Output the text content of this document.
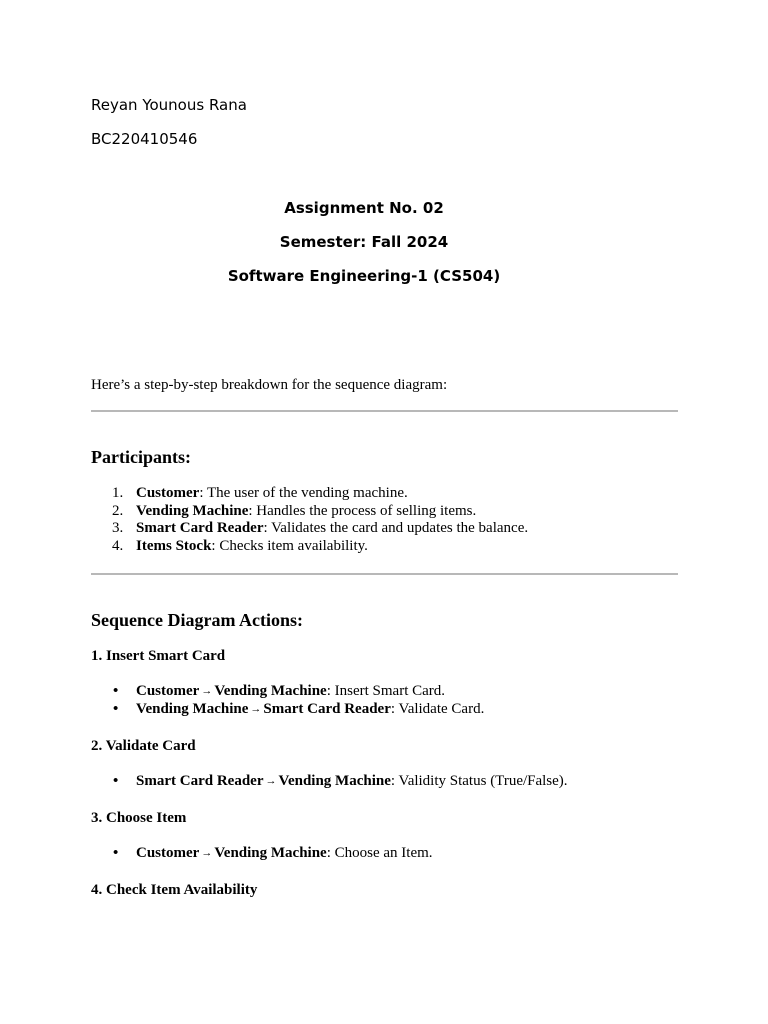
Reyan Younous Rana

BC220410546

Assignment No. 02

Semester: Fall 2024

Software Engineering-1 (CS504)

Here’s a step-by-step breakdown for the sequence diagram:

Participants:

1. Customer: The user of the vending machine.
2. Vending Machine: Handles the process of selling items.
3. Smart Card Reader: Validates the card and updates the balance.
4. Items Stock: Checks item availability.

Sequence Diagram Actions:

1. Insert Smart Card

• Customer → Vending Machine: Insert Smart Card.
• Vending Machine → Smart Card Reader: Validate Card.

2. Validate Card

• Smart Card Reader → Vending Machine: Validity Status (True/False).

3. Choose Item

• Customer → Vending Machine: Choose an Item.

4. Check Item Availability
